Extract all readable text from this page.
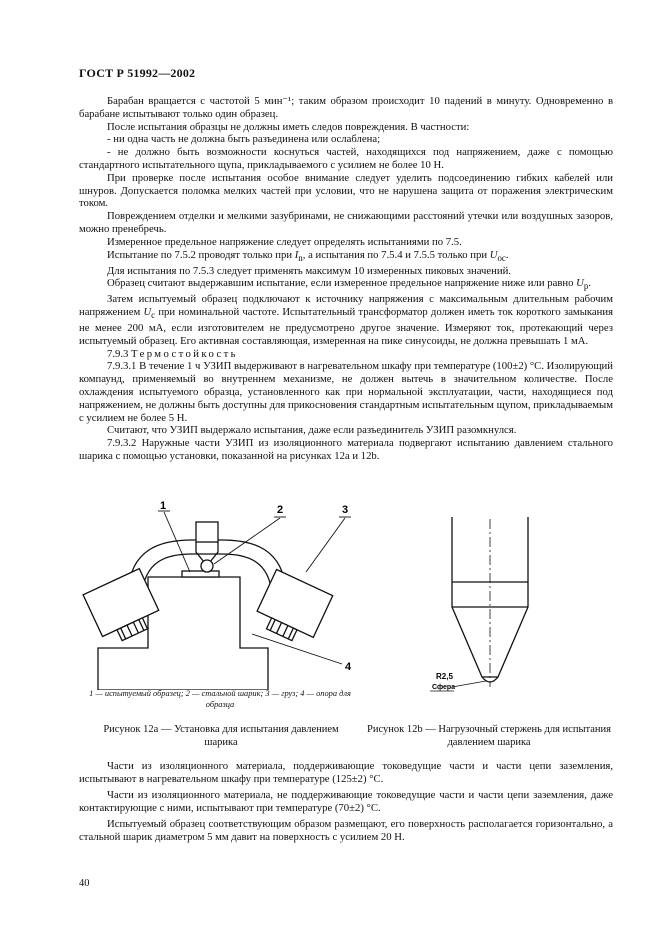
ГОСТ Р 51992—2002

Барабан вращается с частотой 5 мин⁻¹; таким образом происходит 10 падений в минуту. Одновременно в барабане испытывают только один образец.

После испытания образцы не должны иметь следов повреждения. В частности:

- ни одна часть не должна быть разъединена или ослаблена;

- не должно быть возможности коснуться частей, находящихся под напряжением, даже с помощью стандартного испытательного щупа, прикладываемого с усилием не более 10 Н.

При проверке после испытания особое внимание следует уделить подсоединению гибких кабелей или шнуров. Допускается поломка мелких частей при условии, что не нарушена защита от поражения электрическим током.

Повреждением отделки и мелкими зазубринами, не снижающими расстояний утечки или воздушных зазоров, можно пренебречь.

Измеренное предельное напряжение следует определять испытаниями по 7.5.

Испытание по 7.5.2 проводят только при $I_n$, а испытания по 7.5.4 и 7.5.5 только при $U_{oc}$.

Для испытания по 7.5.3 следует применять максимум 10 измеренных пиковых значений.

Образец считают выдержавшим испытание, если измеренное предельное напряжение ниже или равно $U_p$.

Затем испытуемый образец подключают к источнику напряжения с максимальным длительным рабочим напряжением $U_c$ при номинальной частоте. Испытательный трансформатор должен иметь ток короткого замыкания не менее 200 мА, если изготовителем не предусмотрено другое значение. Измеряют ток, протекающий через испытуемый образец. Его активная составляющая, измеренная на пике синусоиды, не должна превышать 1 мА.

7.9.3 Термостойкость

7.9.3.1 В течение 1 ч УЗИП выдерживают в нагревательном шкафу при температуре (100±2) °С. Изолирующий компаунд, применяемый во внутреннем механизме, не должен вытечь в значительном количестве. После охлаждения испытуемого образца, установленного как при нормальной эксплуатации, части, находящиеся под напряжением, не должны быть доступны для прикосновения стандартным испытательным щупом, прикладываемым с усилием не более 5 Н.

Считают, что УЗИП выдержало испытания, даже если разъединитель УЗИП разомкнулся.

7.9.3.2 Наружные части УЗИП из изоляционного материала подвергают испытанию давлением стального шарика с помощью установки, показанной на рисунках 12а и 12b.

1	2	3
4
R2,5
Сфера
1 — испытуемый образец; 2 — стальной шарик; 3 — груз; 4 — опора для образца
Рисунок 12а — Установка для испытания давлением шарика
Рисунок 12b — Нагрузочный стержень для испытания давлением шарика

Части из изоляционного материала, поддерживающие токоведущие части и части цепи заземления, испытывают в нагревательном шкафу при температуре (125±2) °С.

Части из изоляционного материала, не поддерживающие токоведущие части и части цепи заземления, даже контактирующие с ними, испытывают при температуре (70±2) °С.

Испытуемый образец соответствующим образом размещают, его поверхность располагается горизонтально, а стальной шарик диаметром 5 мм давит на поверхность с усилием 20 Н.

40
